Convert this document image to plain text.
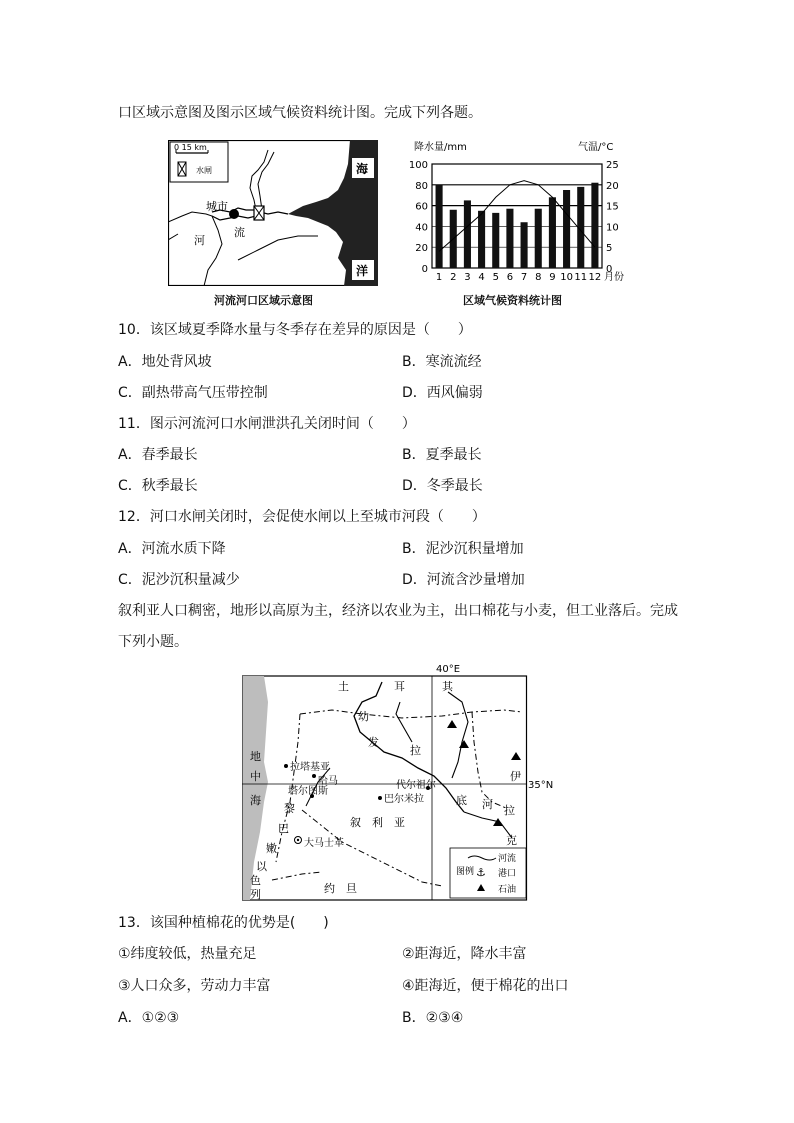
口区域示意图及图示区域气候资料统计图。完成下列各题。
0 15 km
水闸
城市
河
流
海
洋
河流河口区域示意图
降水量/mm	气温/°C
0
20
40
60
80
100
0
5
10
15
20
25
1 2 3 4 5 6 7 8 9 10 11 12 月份
区域气候资料统计图
10．该区域夏季降水量与冬季存在差异的原因是（　　）
A．地处背风坡	B．寒流流经
C．副热带高气压带控制	D．西风偏弱
11．图示河流河口水闸泄洪孔关闭时间（　　）
A．春季最长	B．夏季最长
C．秋季最长	D．冬季最长
12．河口水闸关闭时，会促使水闸以上至城市河段（　　）
A．河流水质下降	B．泥沙沉积量增加
C．泥沙沉积量减少	D．河流含沙量增加
叙利亚人口稠密，地形以高原为主，经济以农业为主，出口棉花与小麦，但工业落后。完成
下列小题。
40°E
35°N
土	耳	其
幼
发
拉
地
中
海
拉塔基亚
哈马
塔尔图斯
代尔祖尔
巴尔米拉	底 河 拉
克
伊
黎
巴
嫩	大马士革
叙　利　亚
以
色
列	约　旦
图例
河流
⚓ 港口
石油
13．该国种植棉花的优势是(　　)
①纬度较低，热量充足	②距海近，降水丰富
③人口众多，劳动力丰富	④距海近，便于棉花的出口
A．①②③	B．②③④
